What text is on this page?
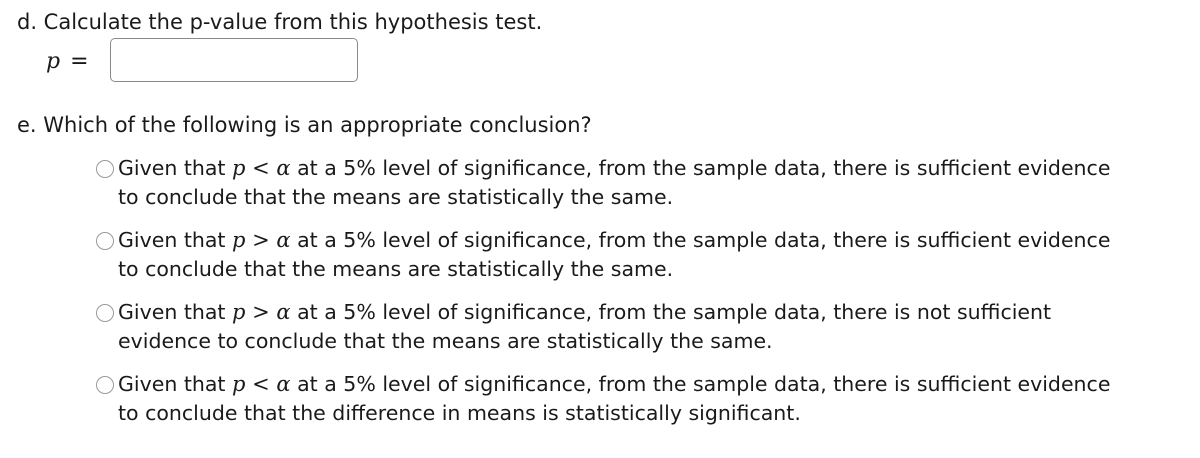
d. Calculate the p-value from this hypothesis test.
p =
e. Which of the following is an appropriate conclusion?
Given that p < α at a 5% level of significance, from the sample data, there is sufficient evidence
to conclude that the means are statistically the same.
Given that p > α at a 5% level of significance, from the sample data, there is sufficient evidence
to conclude that the means are statistically the same.
Given that p > α at a 5% level of significance, from the sample data, there is not sufficient
evidence to conclude that the means are statistically the same.
Given that p < α at a 5% level of significance, from the sample data, there is sufficient evidence
to conclude that the difference in means is statistically significant.
